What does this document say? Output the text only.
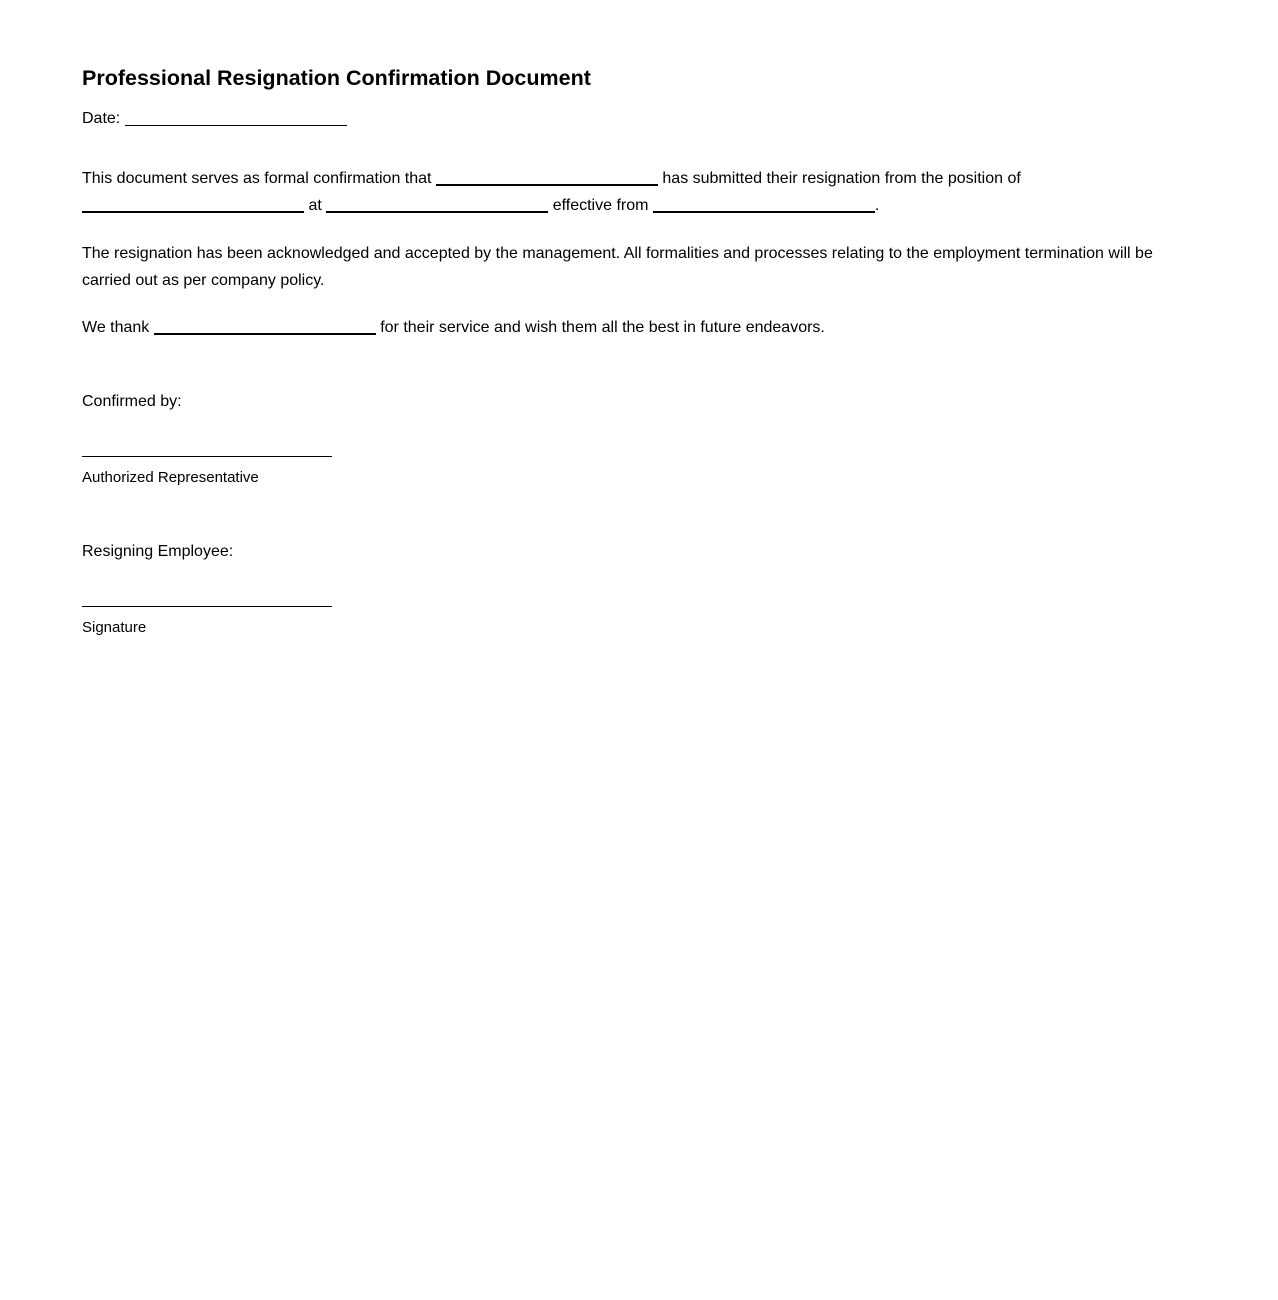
Professional Resignation Confirmation Document
Date:
This document serves as formal confirmation that	has submitted their resignation from the position of  at	effective from	.
The resignation has been acknowledged and accepted by the management. All formalities and processes relating to the employment termination will be carried out as per company policy.
We thank	for their service and wish them all the best in future endeavors.
Confirmed by:
Authorized Representative
Resigning Employee:
Signature
